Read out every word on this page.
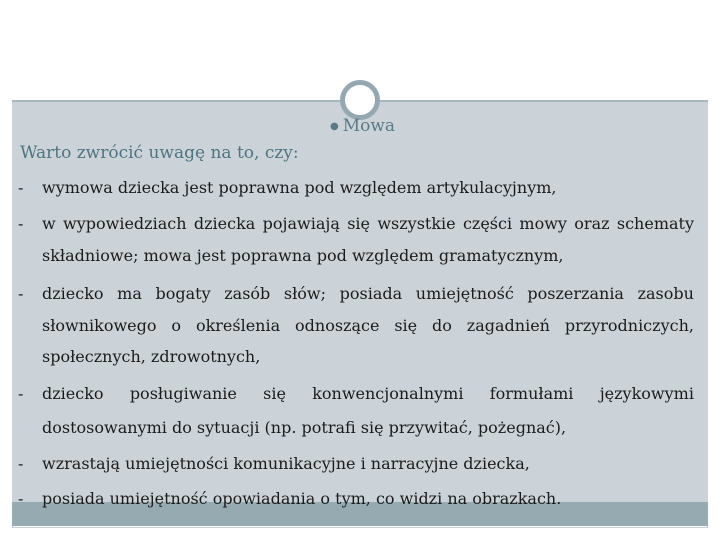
● Mowa
Warto zwrócić uwagę na to, czy:
- wymowa dziecka jest poprawna pod względem artykulacyjnym,
- w wypowiedziach dziecka pojawiają się wszystkie części mowy oraz schematy
składniowe; mowa jest poprawna pod względem gramatycznym,
- dziecko ma bogaty zasób słów; posiada umiejętność poszerzania zasobu
słownikowego o określenia odnoszące się do zagadnień przyrodniczych,
społecznych, zdrowotnych,
- dziecko posługiwanie się konwencjonalnymi formułami językowymi
dostosowanymi do sytuacji (np. potrafi się przywitać, pożegnać),
- wzrastają umiejętności komunikacyjne i narracyjne dziecka,
- posiada umiejętność opowiadania o tym, co widzi na obrazkach.
